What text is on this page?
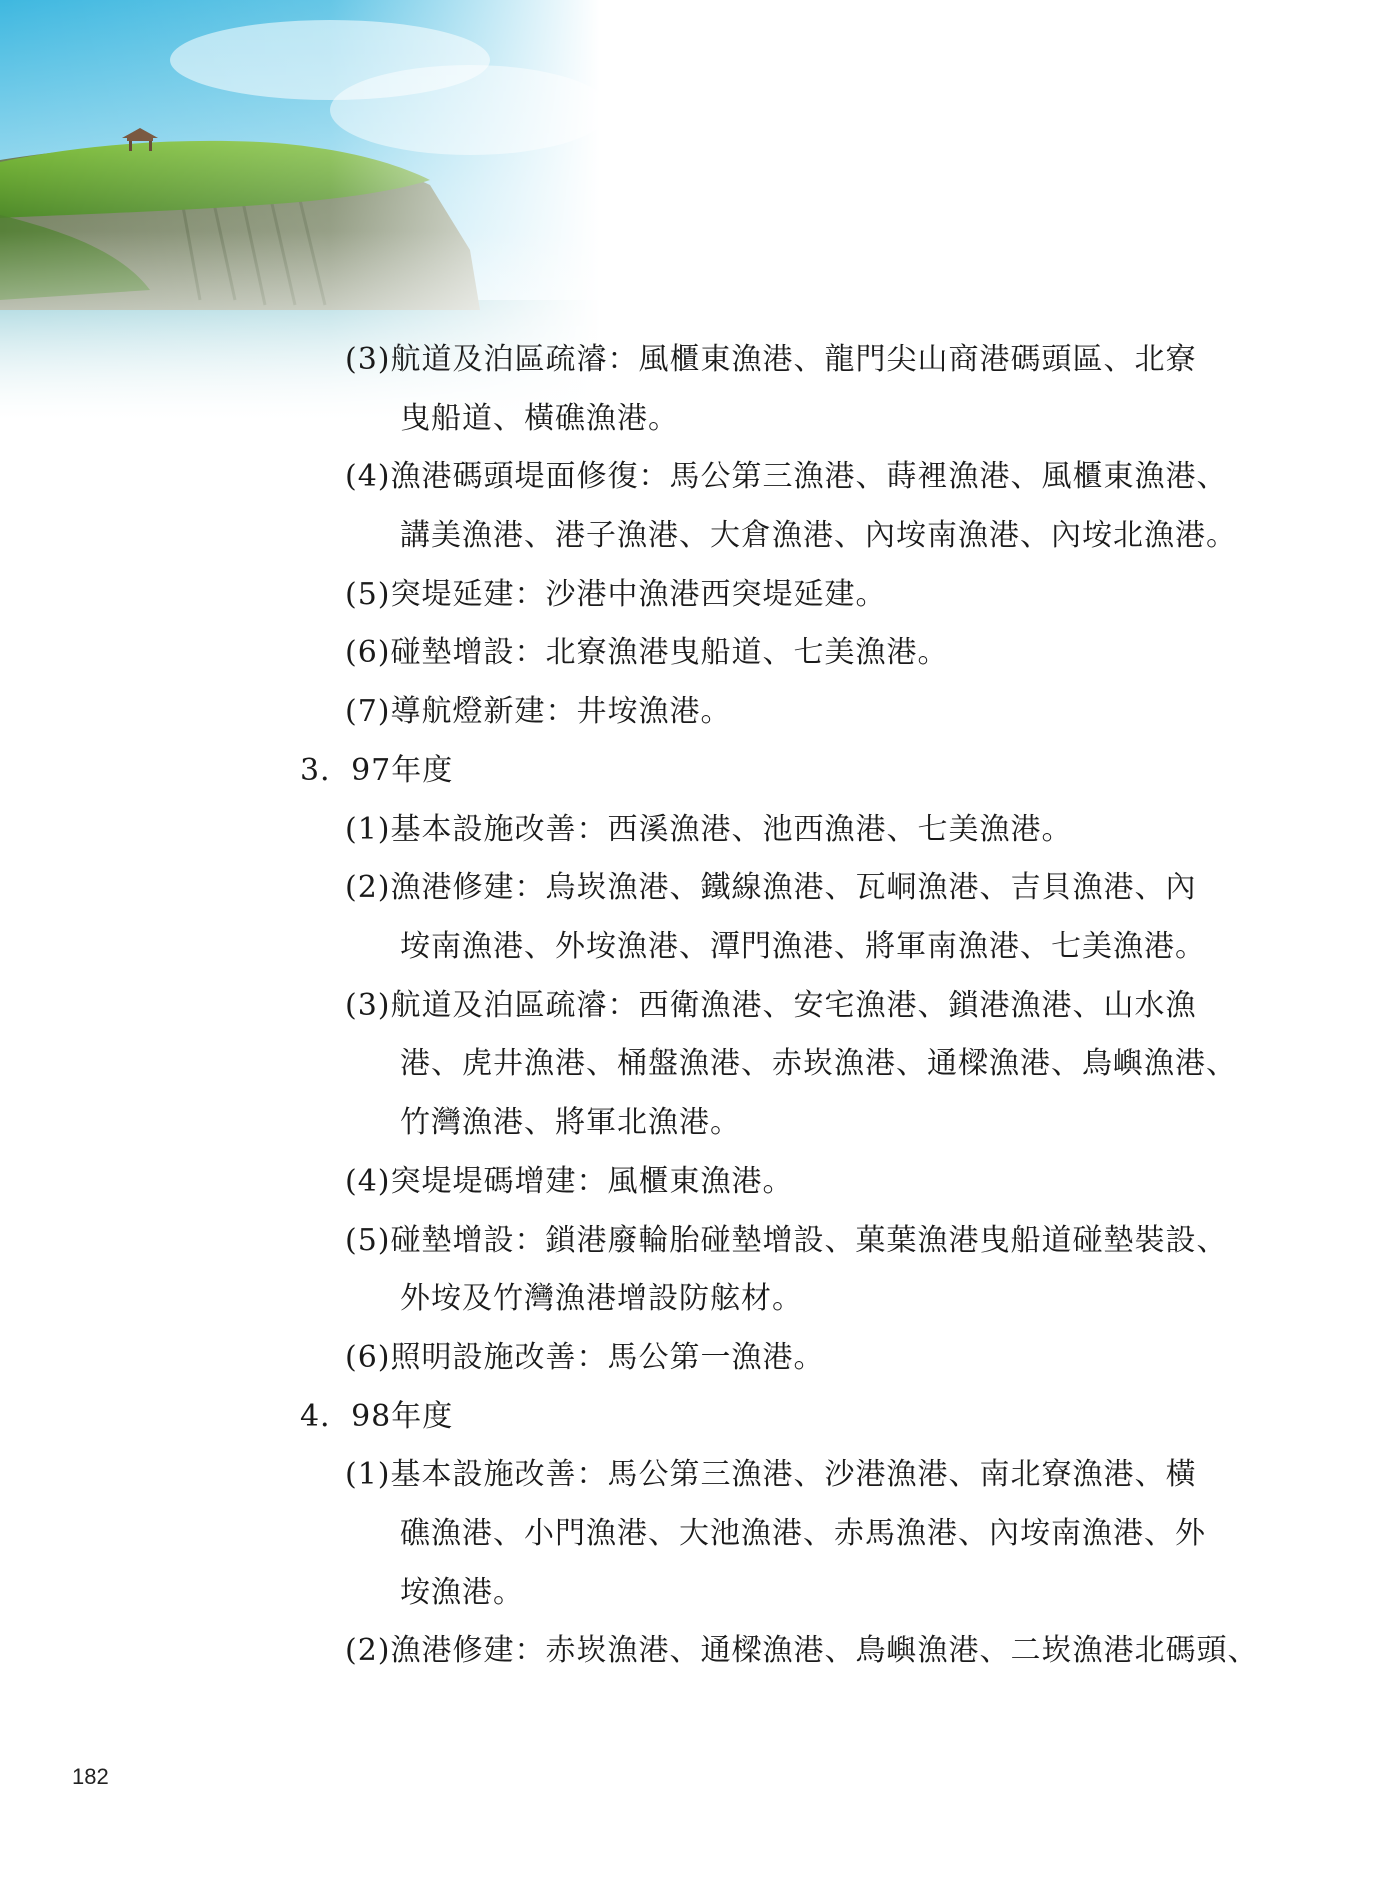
(3)航道及泊區疏濬：風櫃東漁港、龍門尖山商港碼頭區、北寮
曳船道、橫礁漁港。
(4)漁港碼頭堤面修復：馬公第三漁港、蒔裡漁港、風櫃東漁港、
講美漁港、港子漁港、大倉漁港、內垵南漁港、內垵北漁港。
(5)突堤延建：沙港中漁港西突堤延建。
(6)碰墊增設：北寮漁港曳船道、七美漁港。
(7)導航燈新建：井垵漁港。
3．97年度
(1)基本設施改善：西溪漁港、池西漁港、七美漁港。
(2)漁港修建：烏崁漁港、鐵線漁港、瓦峒漁港、吉貝漁港、內
垵南漁港、外垵漁港、潭門漁港、將軍南漁港、七美漁港。
(3)航道及泊區疏濬：西衛漁港、安宅漁港、鎖港漁港、山水漁
港、虎井漁港、桶盤漁港、赤崁漁港、通樑漁港、鳥嶼漁港、
竹灣漁港、將軍北漁港。
(4)突堤堤碼增建：風櫃東漁港。
(5)碰墊增設：鎖港廢輪胎碰墊增設、菓葉漁港曳船道碰墊裝設、
外垵及竹灣漁港增設防舷材。
(6)照明設施改善：馬公第一漁港。
4．98年度
(1)基本設施改善：馬公第三漁港、沙港漁港、南北寮漁港、橫
礁漁港、小門漁港、大池漁港、赤馬漁港、內垵南漁港、外
垵漁港。
(2)漁港修建：赤崁漁港、通樑漁港、鳥嶼漁港、二崁漁港北碼頭、
182
